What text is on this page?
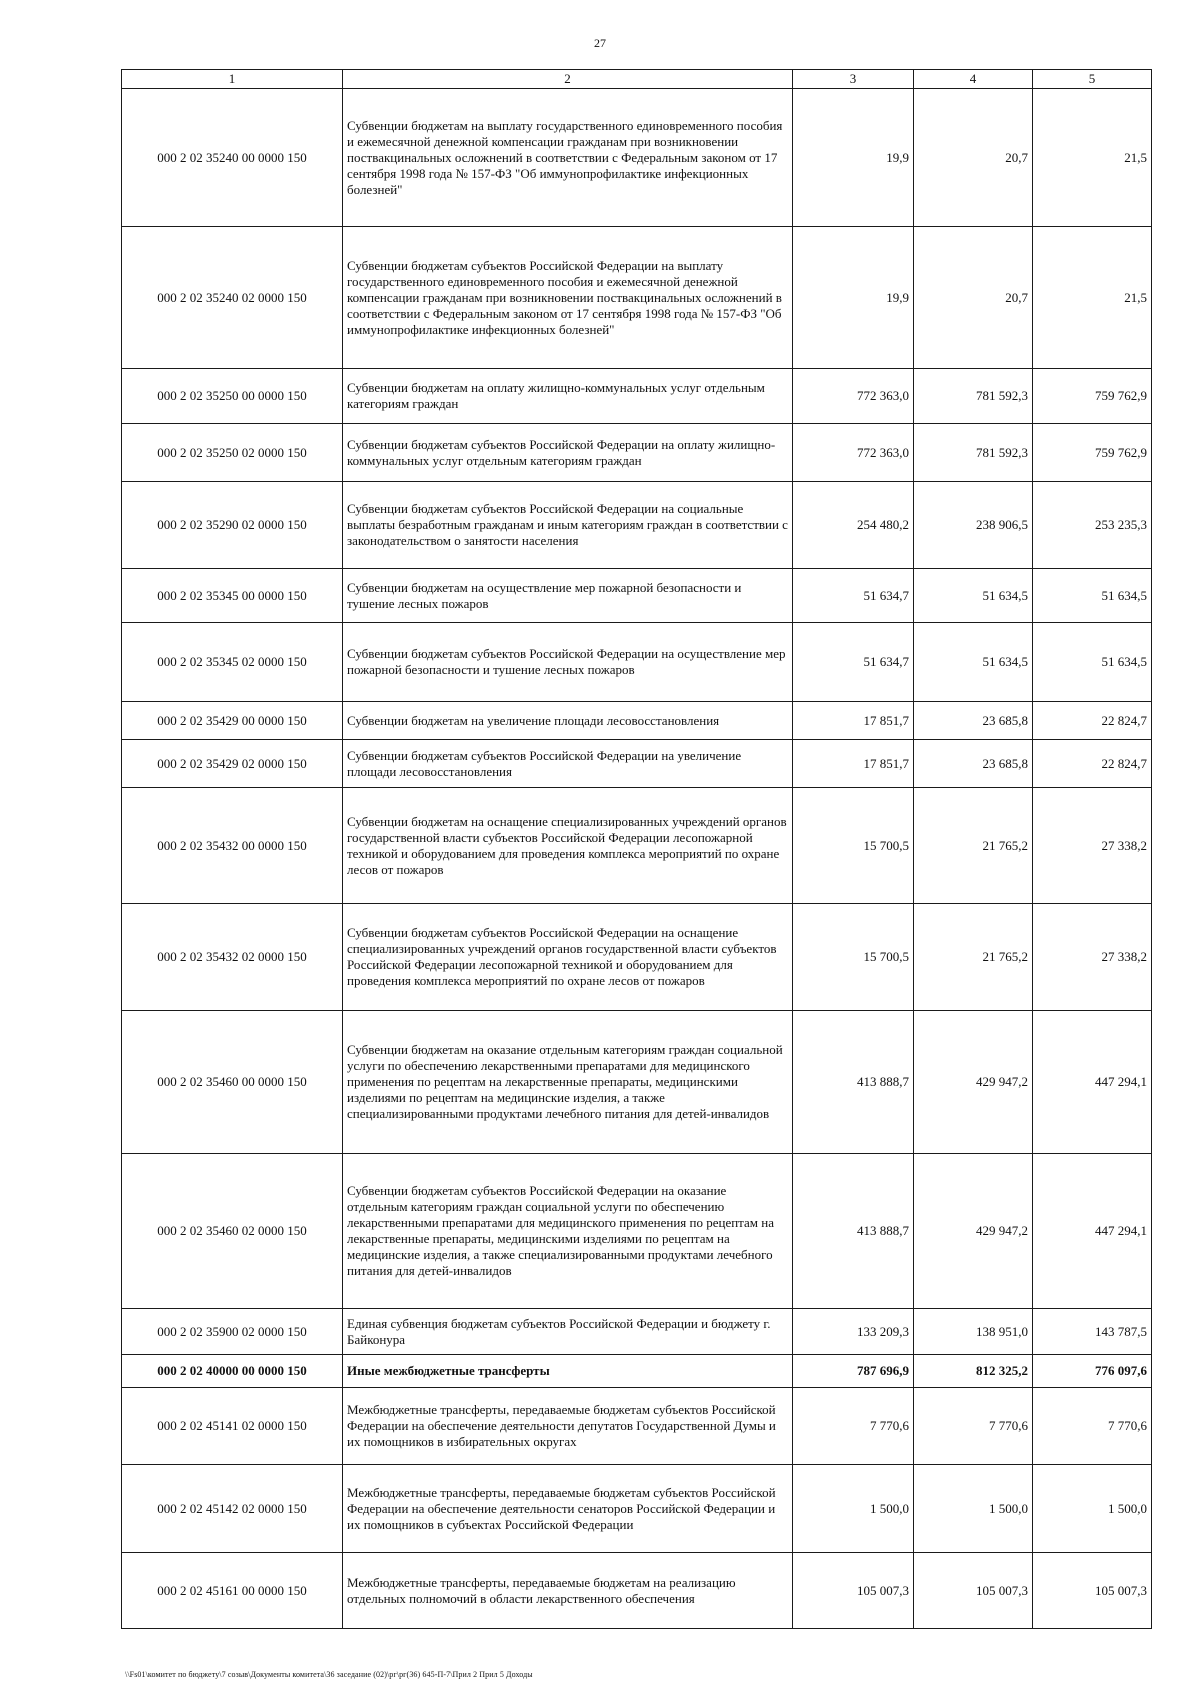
27
1	2	3	4	5
000 2 02 35240 00 0000 150	Субвенции бюджетам на выплату государственного единовременного пособия и ежемесячной денежной компенсации гражданам при возникновении поствакцинальных осложнений в соответствии с Федеральным законом от 17 сентября 1998 года № 157-ФЗ "Об иммунопрофилактике инфекционных болезней"	19,9	20,7	21,5
000 2 02 35240 02 0000 150	Субвенции бюджетам субъектов Российской Федерации на выплату государственного единовременного пособия и ежемесячной денежной компенсации гражданам при возникновении поствакцинальных осложнений в соответствии с Федеральным законом от 17 сентября 1998 года № 157-ФЗ "Об иммунопрофилактике инфекционных болезней"	19,9	20,7	21,5
000 2 02 35250 00 0000 150	Субвенции бюджетам на оплату жилищно-коммунальных услуг отдельным категориям граждан	772 363,0	781 592,3	759 762,9
000 2 02 35250 02 0000 150	Субвенции бюджетам субъектов Российской Федерации на оплату жилищно-коммунальных услуг отдельным категориям граждан	772 363,0	781 592,3	759 762,9
000 2 02 35290 02 0000 150	Субвенции бюджетам субъектов Российской Федерации на социальные выплаты безработным гражданам и иным категориям граждан в соответствии с законодательством о занятости населения	254 480,2	238 906,5	253 235,3
000 2 02 35345 00 0000 150	Субвенции бюджетам на осуществление мер пожарной безопасности и тушение лесных пожаров	51 634,7	51 634,5	51 634,5
000 2 02 35345 02 0000 150	Субвенции бюджетам субъектов Российской Федерации на осуществление мер пожарной безопасности и тушение лесных пожаров	51 634,7	51 634,5	51 634,5
000 2 02 35429 00 0000 150	Субвенции бюджетам на увеличение площади лесовосстановления	17 851,7	23 685,8	22 824,7
000 2 02 35429 02 0000 150	Субвенции бюджетам субъектов Российской Федерации на увеличение площади лесовосстановления	17 851,7	23 685,8	22 824,7
000 2 02 35432 00 0000 150	Субвенции бюджетам на оснащение специализированных учреждений органов государственной власти субъектов Российской Федерации лесопожарной техникой и оборудованием для проведения комплекса мероприятий по охране лесов от пожаров	15 700,5	21 765,2	27 338,2
000 2 02 35432 02 0000 150	Субвенции бюджетам субъектов Российской Федерации на оснащение специализированных учреждений органов государственной власти субъектов Российской Федерации лесопожарной техникой и оборудованием для проведения комплекса мероприятий по охране лесов от пожаров	15 700,5	21 765,2	27 338,2
000 2 02 35460 00 0000 150	Субвенции бюджетам на оказание отдельным категориям граждан социальной услуги по обеспечению лекарственными препаратами для медицинского применения по рецептам на лекарственные препараты, медицинскими изделиями по рецептам на медицинские изделия, а также специализированными продуктами лечебного питания для детей-инвалидов	413 888,7	429 947,2	447 294,1
000 2 02 35460 02 0000 150	Субвенции бюджетам субъектов Российской Федерации на оказание отдельным категориям граждан социальной услуги по обеспечению лекарственными препаратами для медицинского применения по рецептам на лекарственные препараты, медицинскими изделиями по рецептам на медицинские изделия, а также специализированными продуктами лечебного питания для детей-инвалидов	413 888,7	429 947,2	447 294,1
000 2 02 35900 02 0000 150	Единая субвенция бюджетам субъектов Российской Федерации и бюджету г. Байконура	133 209,3	138 951,0	143 787,5
000 2 02 40000 00 0000 150	Иные межбюджетные трансферты	787 696,9	812 325,2	776 097,6
000 2 02 45141 02 0000 150	Межбюджетные трансферты, передаваемые бюджетам субъектов Российской Федерации на обеспечение деятельности депутатов Государственной Думы и их помощников в избирательных округах	7 770,6	7 770,6	7 770,6
000 2 02 45142 02 0000 150	Межбюджетные трансферты, передаваемые бюджетам субъектов Российской Федерации на обеспечение деятельности сенаторов Российской Федерации и их помощников в субъектах Российской Федерации	1 500,0	1 500,0	1 500,0
000 2 02 45161 00 0000 150	Межбюджетные трансферты, передаваемые бюджетам на реализацию отдельных полномочий в области лекарственного обеспечения	105 007,3	105 007,3	105 007,3
\\Fs01\комитет по бюджету\7 созыв\Документы комитета\36 заседание (02)\рг\рг(36) 645-П-7\Прил 2 Прил 5 Доходы
